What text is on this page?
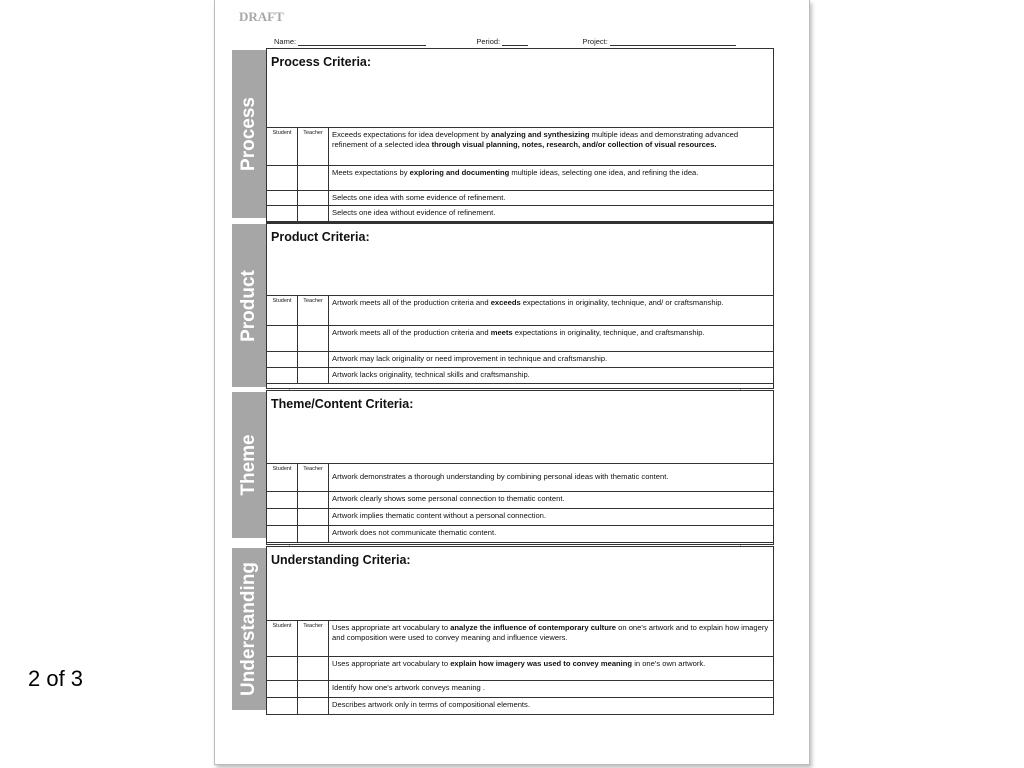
2 of 3
DRAFT
Name:	Period:	Project:
Process
Process Criteria:
Student	Teacher	Exceeds expectations for idea development by analyzing and synthesizing multiple ideas and demonstrating advanced refinement of a selected idea through visual planning, notes, research, and/or collection of visual resources.
		Meets expectations by exploring and documenting multiple ideas, selecting one idea, and refining the idea.
		Selects one idea with some evidence of refinement.
		Selects one idea without evidence of refinement.
Product
Product Criteria:
Student	Teacher	Artwork meets all of the production criteria and exceeds expectations in originality, technique, and/ or craftsmanship.
		Artwork meets all of the production criteria and meets expectations in originality, technique, and craftsmanship.
		Artwork may lack originality or need improvement in technique and craftsmanship.
		Artwork lacks originality, technical skills and craftsmanship.
Theme
Theme/Content Criteria:
Student	Teacher	Artwork demonstrates a thorough understanding by combining personal ideas with thematic content.
		Artwork clearly shows some personal connection to thematic content.
		Artwork implies thematic content without a personal connection.
		Artwork does not communicate thematic content.
Understanding
Understanding Criteria:
Student	Teacher	Uses appropriate art vocabulary to analyze the influence of contemporary culture on one's artwork and to explain how imagery and composition were used to convey meaning and influence viewers.
		Uses appropriate art vocabulary to explain how imagery was used to convey meaning in one's own artwork.
		Identify how one's artwork conveys meaning .
		Describes artwork only in terms of compositional elements.
